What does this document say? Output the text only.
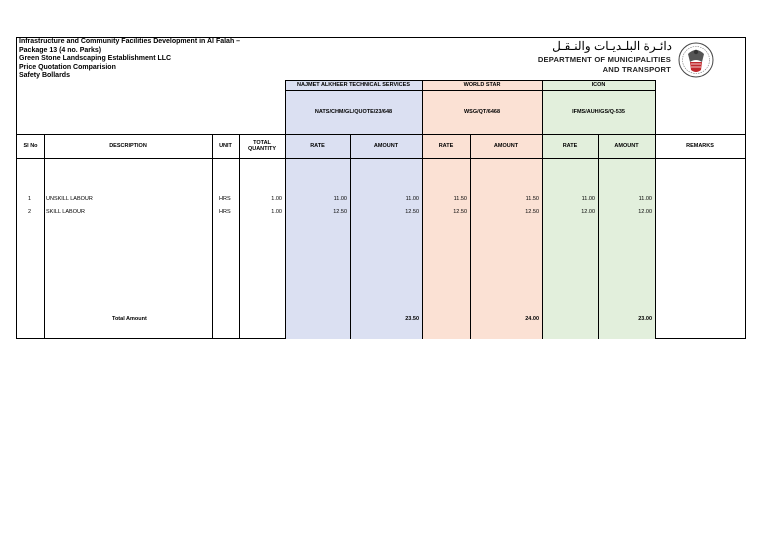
Infrastructure and Community Facilities Development in Al Falah –
Package 13 (4 no. Parks)
Green Stone Landscaping Establishment LLC
Price Quotation Comparision
Safety Bollards
دائـرة البلـديـات والنـقـل
DEPARTMENT OF MUNICIPALITIES
AND TRANSPORT
NAJMET ALKHEER TECHNICAL SERVICES	WORLD STAR	ICON
NATS/CHM/GL/QUOTE/23/648	WSG/QT/6468	IFMS/AUH/GS/Q-535
Sl No	DESCRIPTION	UNIT	TOTAL QUANTITY	RATE	AMOUNT	RATE	AMOUNT	RATE	AMOUNT	REMARKS
1	UNSKILL LABOUR	HRS	1.00	11.00	11.00	11.50	11.50	11.00	11.00
2	SKILL LABOUR	HRS	1.00	12.50	12.50	12.50	12.50	12.00	12.00
Total Amount	23.50	24.00	23.00
